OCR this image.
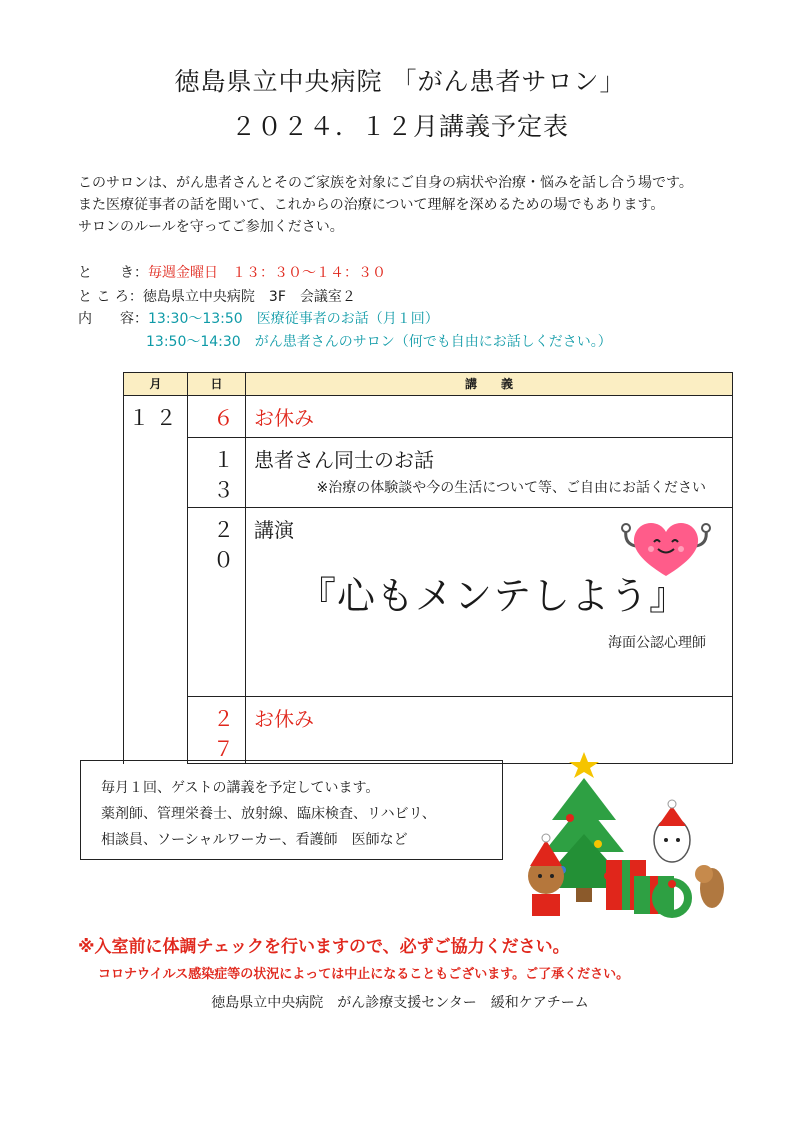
徳島県立中央病院 「がん患者サロン」
２０２４．１２月講義予定表
このサロンは、がん患者さんとそのご家族を対象にご自身の病状や治療・悩みを話し合う場です。
また医療従事者の話を聞いて、これからの治療について理解を深めるための場でもあります。
サロンのルールを守ってご参加ください。
と　　き：毎週金曜日　１３：３０～１４：３０
と こ ろ：徳島県立中央病院　3F　会議室２
内　　容：13:30～13:50　医療従事者のお話（月１回）
13:50～14:30　がん患者さんのサロン（何でも自由にお話しください。）
月	日	講　　義
１２	６	お休み
	１３	患者さん同士のお話
※治療の体験談や今の生活について等、ご自由にお話ください

	２０	講演
『心もメンテしよう』
海面公認心理師

	２７	お休み
毎月１回、ゲストの講義を予定しています。
薬剤師、管理栄養士、放射線、臨床検査、リハビリ、
相談員、ソーシャルワーカー、看護師　医師など
※入室前に体調チェックを行いますので、必ずご協力ください。
コロナウイルス感染症等の状況によっては中止になることもございます。ご了承ください。
徳島県立中央病院　がん診療支援センター　緩和ケアチーム
